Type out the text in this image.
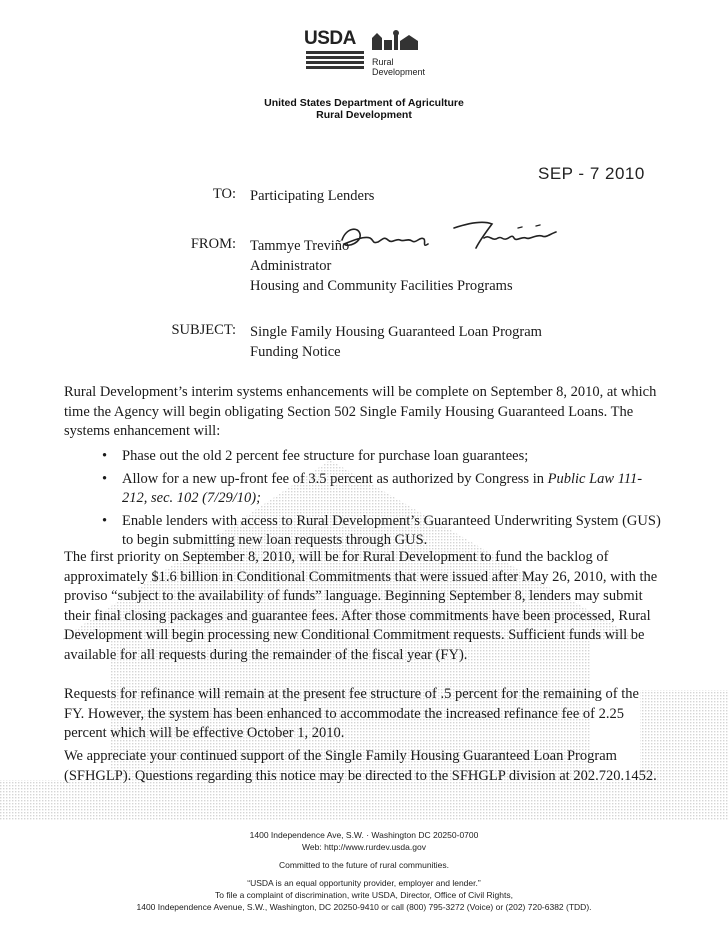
USDA
Rural
Development
United States Department of Agriculture
Rural Development
SEP - 7 2010
TO: Participating Lenders
FROM: Tammye Treviño
Administrator
Housing and Community Facilities Programs
SUBJECT: Single Family Housing Guaranteed Loan Program
Funding Notice

Rural Development’s interim systems enhancements will be complete on September 8, 2010, at which time the Agency will begin obligating Section 502 Single Family Housing Guaranteed Loans. The systems enhancement will:

• Phase out the old 2 percent fee structure for purchase loan guarantees;
• Allow for a new up-front fee of 3.5 percent as authorized by Congress in Public Law 111-212, sec. 102 (7/29/10);
• Enable lenders with access to Rural Development’s Guaranteed Underwriting System (GUS) to begin submitting new loan requests through GUS.

The first priority on September 8, 2010, will be for Rural Development to fund the backlog of approximately $1.6 billion in Conditional Commitments that were issued after May 26, 2010, with the proviso “subject to the availability of funds” language. Beginning September 8, lenders may submit their final closing packages and guarantee fees. After those commitments have been processed, Rural Development will begin processing new Conditional Commitment requests. Sufficient funds will be available for all requests during the remainder of the fiscal year (FY).

Requests for refinance will remain at the present fee structure of .5 percent for the remaining of the FY. However, the system has been enhanced to accommodate the increased refinance fee of 2.25 percent which will be effective October 1, 2010.

We appreciate your continued support of the Single Family Housing Guaranteed Loan Program (SFHGLP). Questions regarding this notice may be directed to the SFHGLP division at 202.720.1452.

1400 Independence Ave, S.W. · Washington DC 20250-0700
Web: http://www.rurdev.usda.gov
Committed to the future of rural communities.
“USDA is an equal opportunity provider, employer and lender.”
To file a complaint of discrimination, write USDA, Director, Office of Civil Rights,
1400 Independence Avenue, S.W., Washington, DC 20250-9410 or call (800) 795-3272 (Voice) or (202) 720-6382 (TDD).
